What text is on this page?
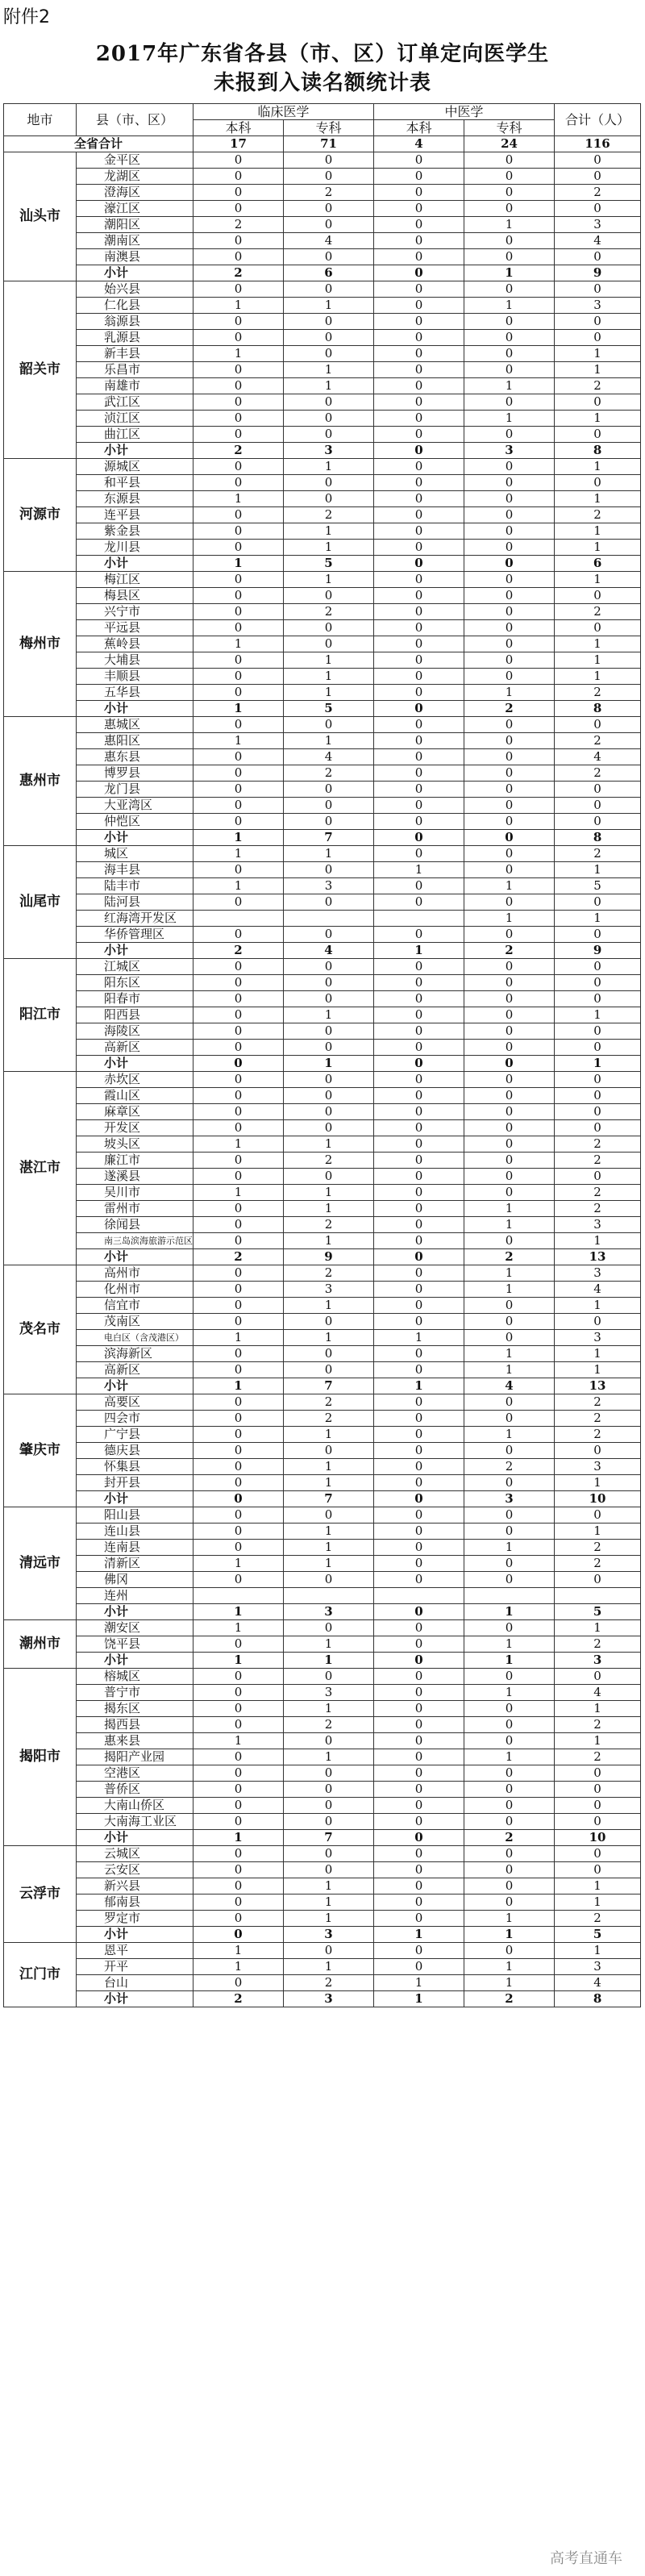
附件2
2017年广东省各县（市、区）订单定向医学生
未报到入读名额统计表
地市	县（市、区）	临床医学		中医学		合计（人）
		本科	专科	本科	专科	
全省合计		17	71	4	24	116
汕头市	金平区	0	0	0	0	0
	龙湖区	0	0	0	0	0
	澄海区	0	2	0	0	2
	濠江区	0	0	0	0	0
	潮阳区	2	0	0	1	3
	潮南区	0	4	0	0	4
	南澳县	0	0	0	0	0
	小计	2	6	0	1	9
韶关市	始兴县	0	0	0	0	0
	仁化县	1	1	0	1	3
	翁源县	0	0	0	0	0
	乳源县	0	0	0	0	0
	新丰县	1	0	0	0	1
	乐昌市	0	1	0	0	1
	南雄市	0	1	0	1	2
	武江区	0	0	0	0	0
	浈江区	0	0	0	1	1
	曲江区	0	0	0	0	0
	小计	2	3	0	3	8
河源市	源城区	0	1	0	0	1
	和平县	0	0	0	0	0
	东源县	1	0	0	0	1
	连平县	0	2	0	0	2
	紫金县	0	1	0	0	1
	龙川县	0	1	0	0	1
	小计	1	5	0	0	6
梅州市	梅江区	0	1	0	0	1
	梅县区	0	0	0	0	0
	兴宁市	0	2	0	0	2
	平远县	0	0	0	0	0
	蕉岭县	1	0	0	0	1
	大埔县	0	1	0	0	1
	丰顺县	0	1	0	0	1
	五华县	0	1	0	1	2
	小计	1	5	0	2	8
惠州市	惠城区	0	0	0	0	0
	惠阳区	1	1	0	0	2
	惠东县	0	4	0	0	4
	博罗县	0	2	0	0	2
	龙门县	0	0	0	0	0
	大亚湾区	0	0	0	0	0
	仲恺区	0	0	0	0	0
	小计	1	7	0	0	8
汕尾市	城区	1	1	0	0	2
	海丰县	0	0	1	0	1
	陆丰市	1	3	0	1	5
	陆河县	0	0	0	0	0
	红海湾开发区				1	1
	华侨管理区	0	0	0	0	0
	小计	2	4	1	2	9
阳江市	江城区	0	0	0	0	0
	阳东区	0	0	0	0	0
	阳春市	0	0	0	0	0
	阳西县	0	1	0	0	1
	海陵区	0	0	0	0	0
	高新区	0	0	0	0	0
	小计	0	1	0	0	1
湛江市	赤坎区	0	0	0	0	0
	霞山区	0	0	0	0	0
	麻章区	0	0	0	0	0
	开发区	0	0	0	0	0
	坡头区	1	1	0	0	2
	廉江市	0	2	0	0	2
	遂溪县	0	0	0	0	0
	吴川市	1	1	0	0	2
	雷州市	0	1	0	1	2
	徐闻县	0	2	0	1	3
	南三岛滨海旅游示范区	0	1	0	0	1
	小计	2	9	0	2	13
茂名市	高州市	0	2	0	1	3
	化州市	0	3	0	1	4
	信宜市	0	1	0	0	1
	茂南区	0	0	0	0	0
	电白区（含茂港区）	1	1	1	0	3
	滨海新区	0	0	0	1	1
	高新区	0	0	0	1	1
	小计	1	7	1	4	13
肇庆市	高要区	0	2	0	0	2
	四会市	0	2	0	0	2
	广宁县	0	1	0	1	2
	德庆县	0	0	0	0	0
	怀集县	0	1	0	2	3
	封开县	0	1	0	0	1
	小计	0	7	0	3	10
清远市	阳山县	0	0	0	0	0
	连山县	0	1	0	0	1
	连南县	0	1	0	1	2
	清新区	1	1	0	0	2
	佛冈	0	0	0	0	0
	连州					
	小计	1	3	0	1	5
潮州市	潮安区	1	0	0	0	1
	饶平县	0	1	0	1	2
	小计	1	1	0	1	3
揭阳市	榕城区	0	0	0	0	0
	普宁市	0	3	0	1	4
	揭东区	0	1	0	0	1
	揭西县	0	2	0	0	2
	惠来县	1	0	0	0	1
	揭阳产业园	0	1	0	1	2
	空港区	0	0	0	0	0
	普侨区	0	0	0	0	0
	大南山侨区	0	0	0	0	0
	大南海工业区	0	0	0	0	0
	小计	1	7	0	2	10
云浮市	云城区	0	0	0	0	0
	云安区	0	0	0	0	0
	新兴县	0	1	0	0	1
	郁南县	0	1	0	0	1
	罗定市	0	1	0	1	2
	小计	0	3	1	1	5
江门市	恩平	1	0	0	0	1
	开平	1	1	0	1	3
	台山	0	2	1	1	4
	小计	2	3	1	2	8
高考直通车
